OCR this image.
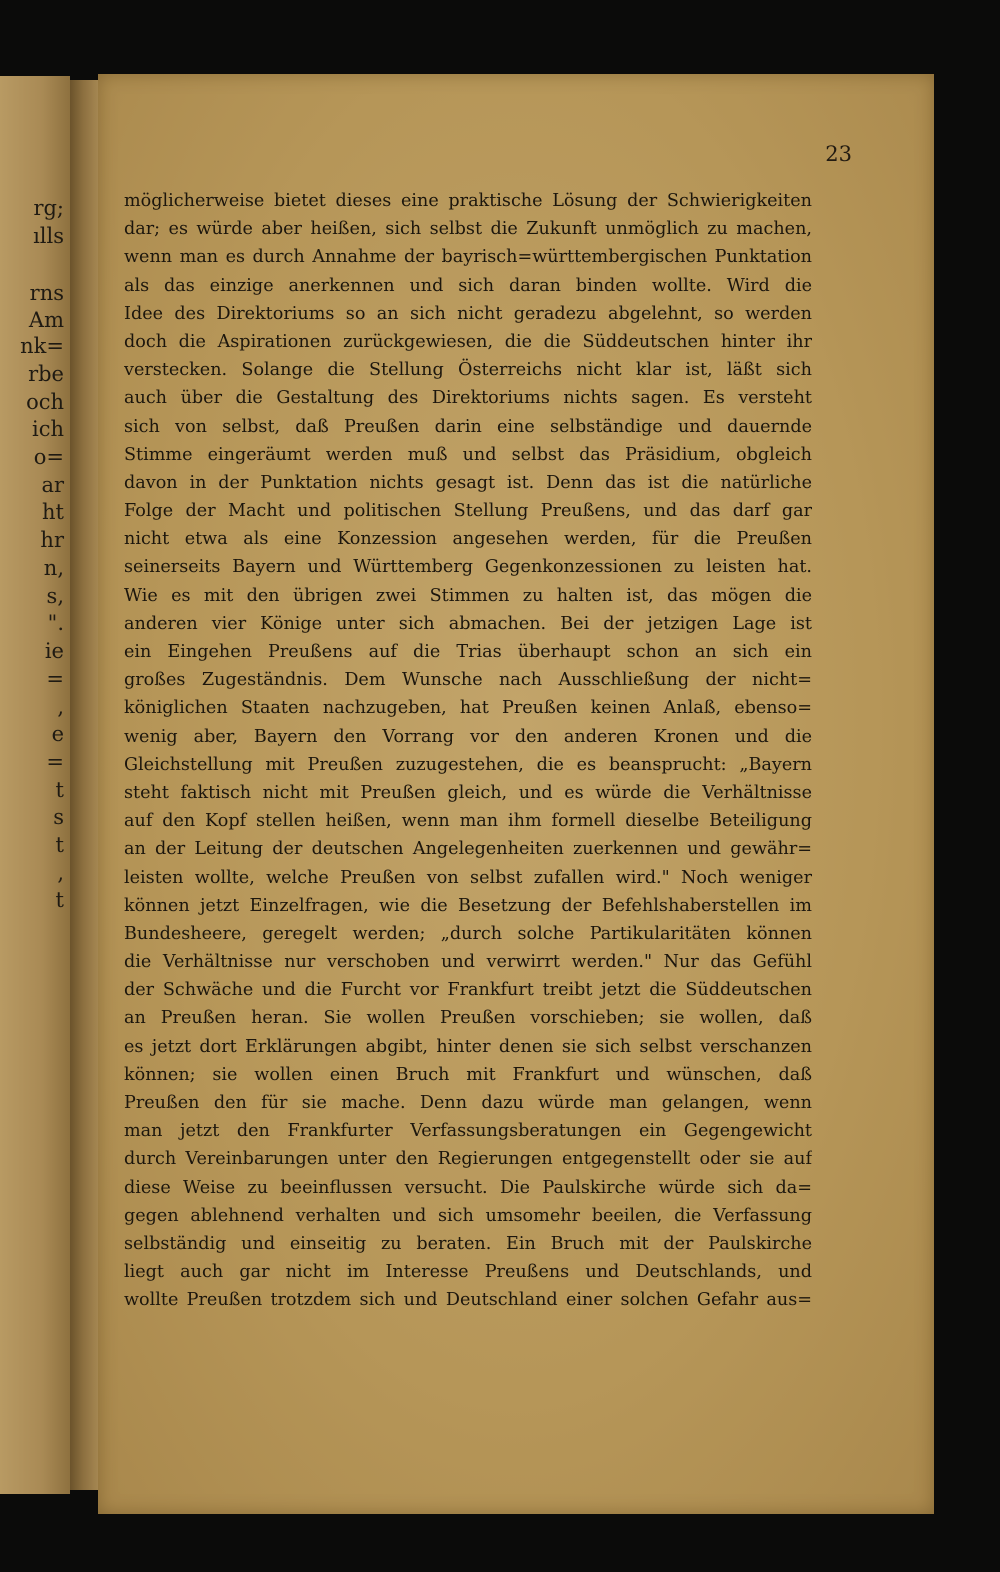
rg;
ılls
rns
Am
nk=
rbe
och
ich
o=
ar
ht
hr
n,
s,
".
ie
=
,
e
=
t
s
t
,
t
23
möglicherweise bietet dieses eine praktische Lösung der Schwierigkeiten
dar; es würde aber heißen, sich selbst die Zukunft unmöglich zu machen,
wenn man es durch Annahme der bayrisch=württembergischen Punktation
als das einzige anerkennen und sich daran binden wollte. Wird die
Idee des Direktoriums so an sich nicht geradezu abgelehnt, so werden
doch die Aspirationen zurückgewiesen, die die Süddeutschen hinter ihr
verstecken. Solange die Stellung Österreichs nicht klar ist, läßt sich
auch über die Gestaltung des Direktoriums nichts sagen. Es versteht
sich von selbst, daß Preußen darin eine selbständige und dauernde
Stimme eingeräumt werden muß und selbst das Präsidium, obgleich
davon in der Punktation nichts gesagt ist. Denn das ist die natürliche
Folge der Macht und politischen Stellung Preußens, und das darf gar
nicht etwa als eine Konzession angesehen werden, für die Preußen
seinerseits Bayern und Württemberg Gegenkonzessionen zu leisten hat.
Wie es mit den übrigen zwei Stimmen zu halten ist, das mögen die
anderen vier Könige unter sich abmachen. Bei der jetzigen Lage ist
ein Eingehen Preußens auf die Trias überhaupt schon an sich ein
großes Zugeständnis. Dem Wunsche nach Ausschließung der nicht=
königlichen Staaten nachzugeben, hat Preußen keinen Anlaß, ebenso=
wenig aber, Bayern den Vorrang vor den anderen Kronen und die
Gleichstellung mit Preußen zuzugestehen, die es beansprucht: „Bayern
steht faktisch nicht mit Preußen gleich, und es würde die Verhältnisse
auf den Kopf stellen heißen, wenn man ihm formell dieselbe Beteiligung
an der Leitung der deutschen Angelegenheiten zuerkennen und gewähr=
leisten wollte, welche Preußen von selbst zufallen wird." Noch weniger
können jetzt Einzelfragen, wie die Besetzung der Befehlshaberstellen im
Bundesheere, geregelt werden; „durch solche Partikularitäten können
die Verhältnisse nur verschoben und verwirrt werden." Nur das Gefühl
der Schwäche und die Furcht vor Frankfurt treibt jetzt die Süddeutschen
an Preußen heran. Sie wollen Preußen vorschieben; sie wollen, daß
es jetzt dort Erklärungen abgibt, hinter denen sie sich selbst verschanzen
können; sie wollen einen Bruch mit Frankfurt und wünschen, daß
Preußen den für sie mache. Denn dazu würde man gelangen, wenn
man jetzt den Frankfurter Verfassungsberatungen ein Gegengewicht
durch Vereinbarungen unter den Regierungen entgegenstellt oder sie auf
diese Weise zu beeinflussen versucht. Die Paulskirche würde sich da=
gegen ablehnend verhalten und sich umsomehr beeilen, die Verfassung
selbständig und einseitig zu beraten. Ein Bruch mit der Paulskirche
liegt auch gar nicht im Interesse Preußens und Deutschlands, und
wollte Preußen trotzdem sich und Deutschland einer solchen Gefahr aus=
